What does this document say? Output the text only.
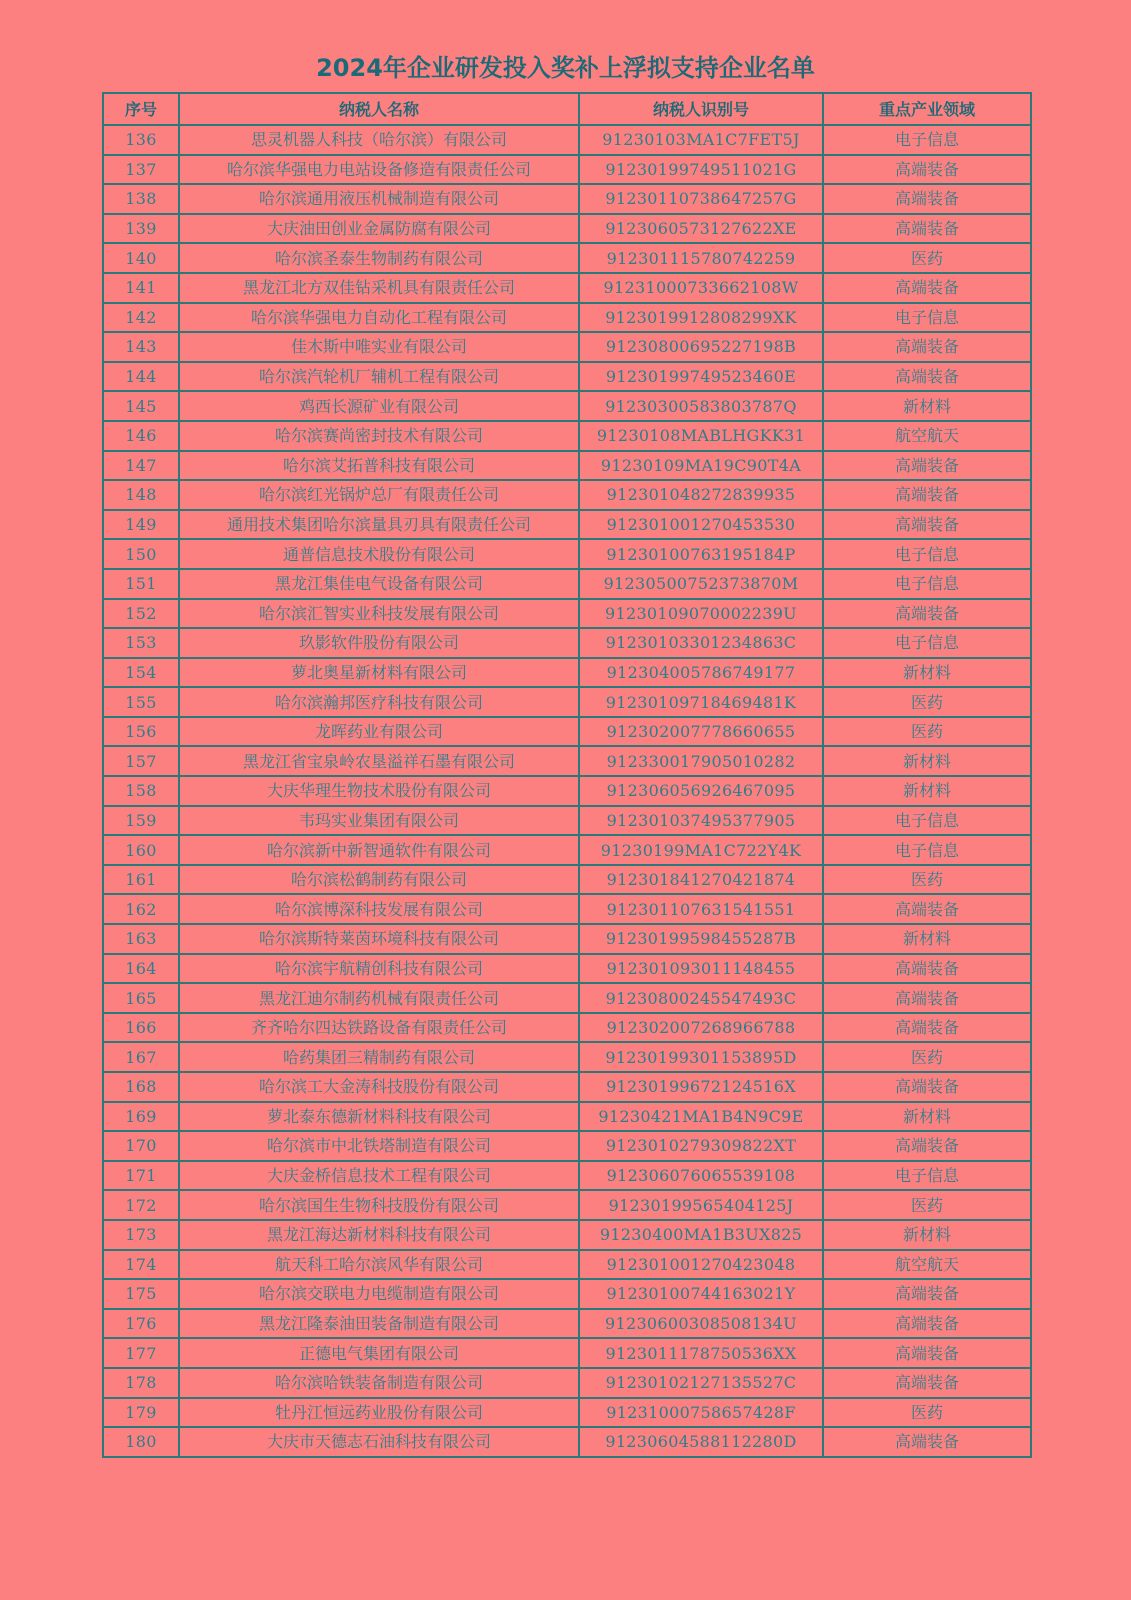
2024年企业研发投入奖补上浮拟支持企业名单
序号	纳税人名称	纳税人识别号	重点产业领域
136	思灵机器人科技（哈尔滨）有限公司	91230103MA1C7FET5J	电子信息
137	哈尔滨华强电力电站设备修造有限责任公司	91230199749511021G	高端装备
138	哈尔滨通用液压机械制造有限公司	91230110738647257G	高端装备
139	大庆油田创业金属防腐有限公司	9123060573127622XE	高端装备
140	哈尔滨圣泰生物制药有限公司	912301115780742259	医药
141	黑龙江北方双佳钻采机具有限责任公司	9123100073366210​8W	高端装备
142	哈尔滨华强电力自动化工程有限公司	9123019912808299XK	电子信息
143	佳木斯中唯实业有限公司	912308006952271​98B	高端装备
144	哈尔滨汽轮机厂辅机工程有限公司	91230199749523460E	高端装备
145	鸡西长源矿业有限公司	91230300583803787Q	新材料
146	哈尔滨赛尚密封技术有限公司	91230108MABLHGKK31	航空航天
147	哈尔滨艾拓普科技有限公司	91230109MA19C90T4A	高端装备
148	哈尔滨红光锅炉总厂有限责任公司	912301048272839935	高端装备
149	通用技术集团哈尔滨量具刃具有限责任公司	912301001270453530	高端装备
150	通普信息技术股份有限公司	91230100763195184P	电子信息
151	黑龙江集佳电气设备有限公司	91230500752373870M	电子信息
152	哈尔滨汇智实业科技发展有限公司	91230109070002239U	高端装备
153	玖影软件股份有限公司	91230103301234863C	电子信息
154	萝北奥星新材料有限公司	912304005786749177	新材料
155	哈尔滨瀚邦医疗科技有限公司	91230109718469481K	医药
156	龙晖药业有限公司	912302007778660655	医药
157	黑龙江省宝泉岭农垦溢祥石墨有限公司	912330017905010282	新材料
158	大庆华理生物技术股份有限公司	912306056926467095	新材料
159	韦玛实业集团有限公司	912301037495377905	电子信息
160	哈尔滨新中新智通软件有限公司	91230199MA1C722Y4K	电子信息
161	哈尔滨松鹤制药有限公司	912301841270421874	医药
162	哈尔滨博深科技发展有限公司	912301107631541551	高端装备
163	哈尔滨斯特莱茵环境科技有限公司	91230199598455287B	新材料
164	哈尔滨宇航精创科技有限公司	912301093011148455	高端装备
165	黑龙江迪尔制药机械有限责任公司	91230800245547493C	高端装备
166	齐齐哈尔四达铁路设备有限责任公司	912302007268966788	高端装备
167	哈药集团三精制药有限公司	91230199301153895D	医药
168	哈尔滨工大金涛科技股份有限公司	91230199672124516X	高端装备
169	萝北泰东德新材料科技有限公司	91230421MA1B4N9C9E	新材料
170	哈尔滨市中北铁塔制造有限公司	9123010279309822XT	高端装备
171	大庆金桥信息技术工程有限公司	912306076065539108	电子信息
172	哈尔滨国生生物科技股份有限公司	91230199565404125J	医药
173	黑龙江海达新材料科技有限公司	91230400MA1B3UX825	新材料
174	航天科工哈尔滨风华有限公司	912301001270423048	航空航天
175	哈尔滨交联电力电缆制造有限公司	91230100744163021Y	高端装备
176	黑龙江隆泰油田装备制造有限公司	91230600308508134U	高端装备
177	正德电气集团有限公司	9123011178750536XX	高端装备
178	哈尔滨哈铁装备制造有限公司	91230102127135527C	高端装备
179	牡丹江恒远药业股份有限公司	91231000758657428F	医药
180	大庆市天德志石油科技有限公司	91230604588112280D	高端装备
